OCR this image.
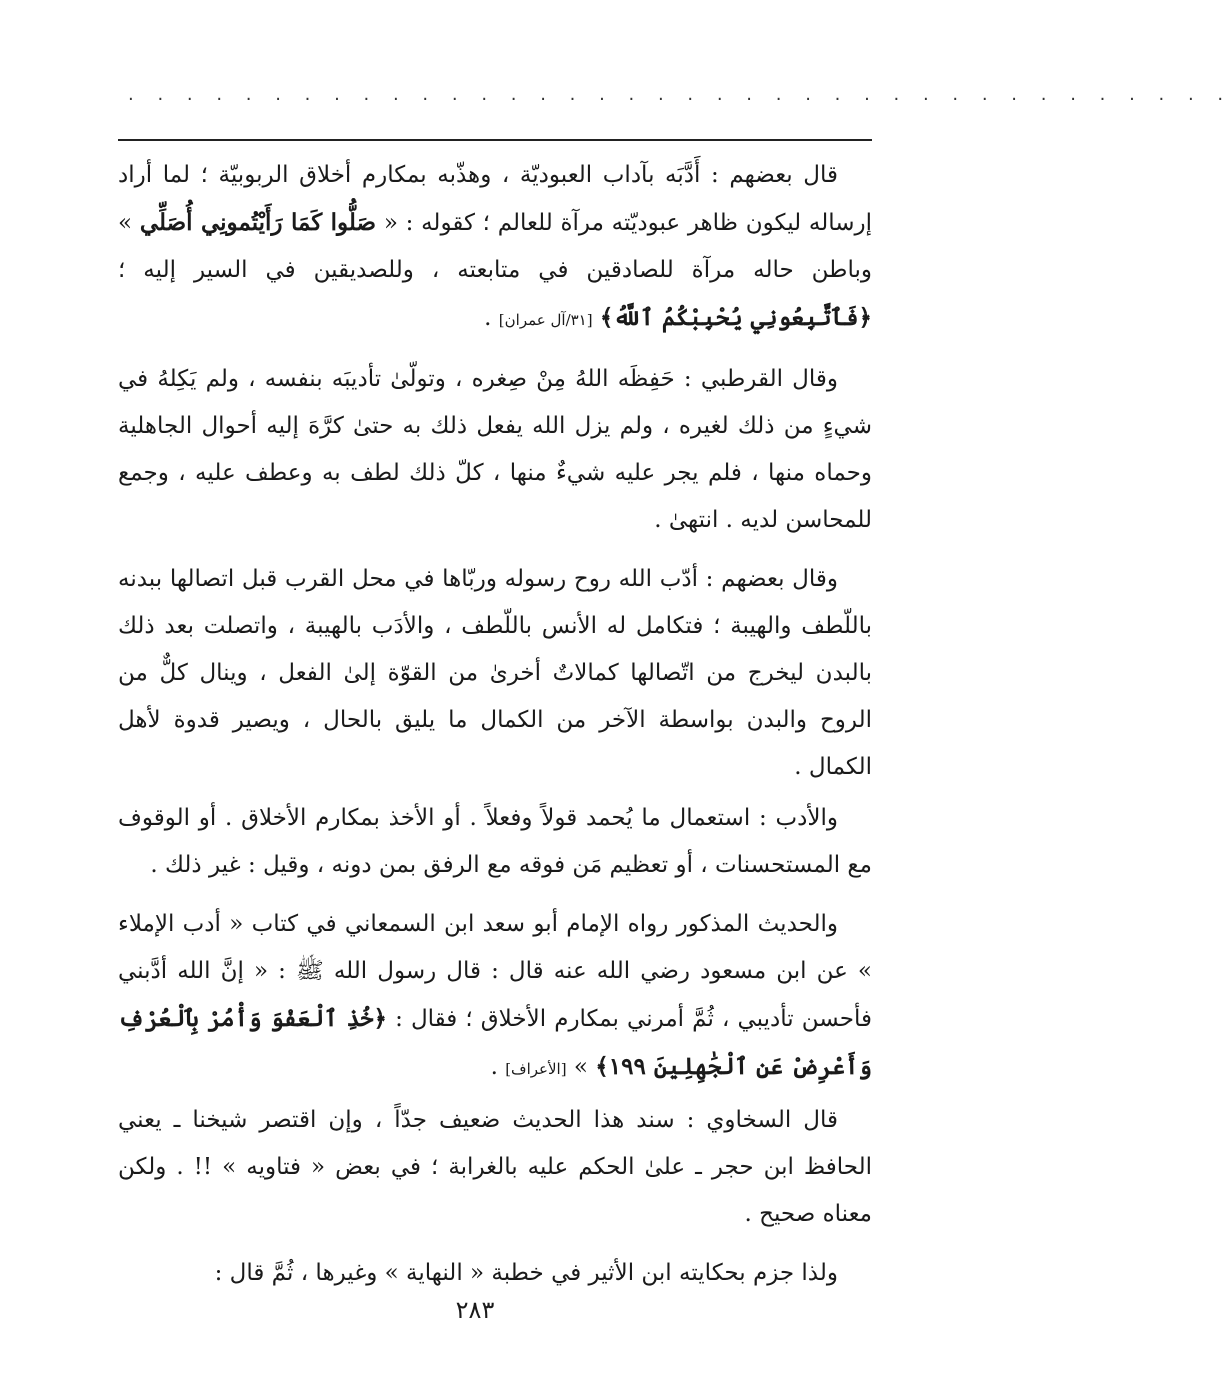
. . . . . . . . . . . . . . . . . . . . . . . . . . . . . . . . . . . . . .

قال بعضهم : أَدَّبَه بآداب العبوديّة ، وهذّبه بمكارم أخلاق الربوبيّة ؛ لما أراد إرساله ليكون ظاهر عبوديّته مرآة للعالم ؛ كقوله : « صَلُّوا كَمَا رَأَيْتُمونِي أُصَلِّي » وباطن حاله مرآة للصادقين في متابعته ، وللصديقين في السير إليه ؛ ﴿فَٱتَّبِعُونِي يُحْبِبْكُمُ ٱللَّهُ﴾ [٣١/آل عمران] .

وقال القرطبي : حَفِظَه اللهُ مِنْ صِغره ، وتولّىٰ تأديبَه بنفسه ، ولم يَكِلهُ في شيءٍ من ذلك لغيره ، ولم يزل الله يفعل ذلك به حتىٰ كرَّهَ إليه أحوال الجاهلية وحماه منها ، فلم يجر عليه شيءٌ منها ، كلّ ذلك لطف به وعطف عليه ، وجمع للمحاسن لديه . انتهىٰ .

وقال بعضهم : أدّب الله روح رسوله وربّاها في محل القرب قبل اتصالها ببدنه باللّطف والهيبة ؛ فتكامل له الأنس باللّطف ، والأدَب بالهيبة ، واتصلت بعد ذلك بالبدن ليخرج من اتّصالها كمالاتٌ أخرىٰ من القوّة إلىٰ الفعل ، وينال كلٌّ من الروح والبدن بواسطة الآخر من الكمال ما يليق بالحال ، ويصير قدوة لأهل الكمال .

والأدب : استعمال ما يُحمد قولاً وفعلاً . أو الأخذ بمكارم الأخلاق . أو الوقوف مع المستحسنات ، أو تعظيم مَن فوقه مع الرفق بمن دونه ، وقيل : غير ذلك .

والحديث المذكور رواه الإمام أبو سعد ابن السمعاني في كتاب « أدب الإملاء » عن ابن مسعود رضي الله عنه قال : قال رسول الله ﷺ : « إنَّ الله أدَّبني فأحسن تأديبي ، ثُمَّ أمرني بمكارم الأخلاق ؛ فقال : ﴿خُذِ ٱلْعَفْوَ وَأْمُرْ بِٱلْعُرْفِ وَأَعْرِضْ عَنِ ٱلْجَٰهِلِينَ ١٩٩﴾ » [الأعراف] .

قال السخاوي : سند هذا الحديث ضعيف جدّاً ، وإن اقتصر شيخنا ـ يعني الحافظ ابن حجر ـ علىٰ الحكم عليه بالغرابة ؛ في بعض « فتاويه » !! . ولكن معناه صحيح .

ولذا جزم بحكايته ابن الأثير في خطبة « النهاية » وغيرها ، ثُمَّ قال :

٢٨٣
